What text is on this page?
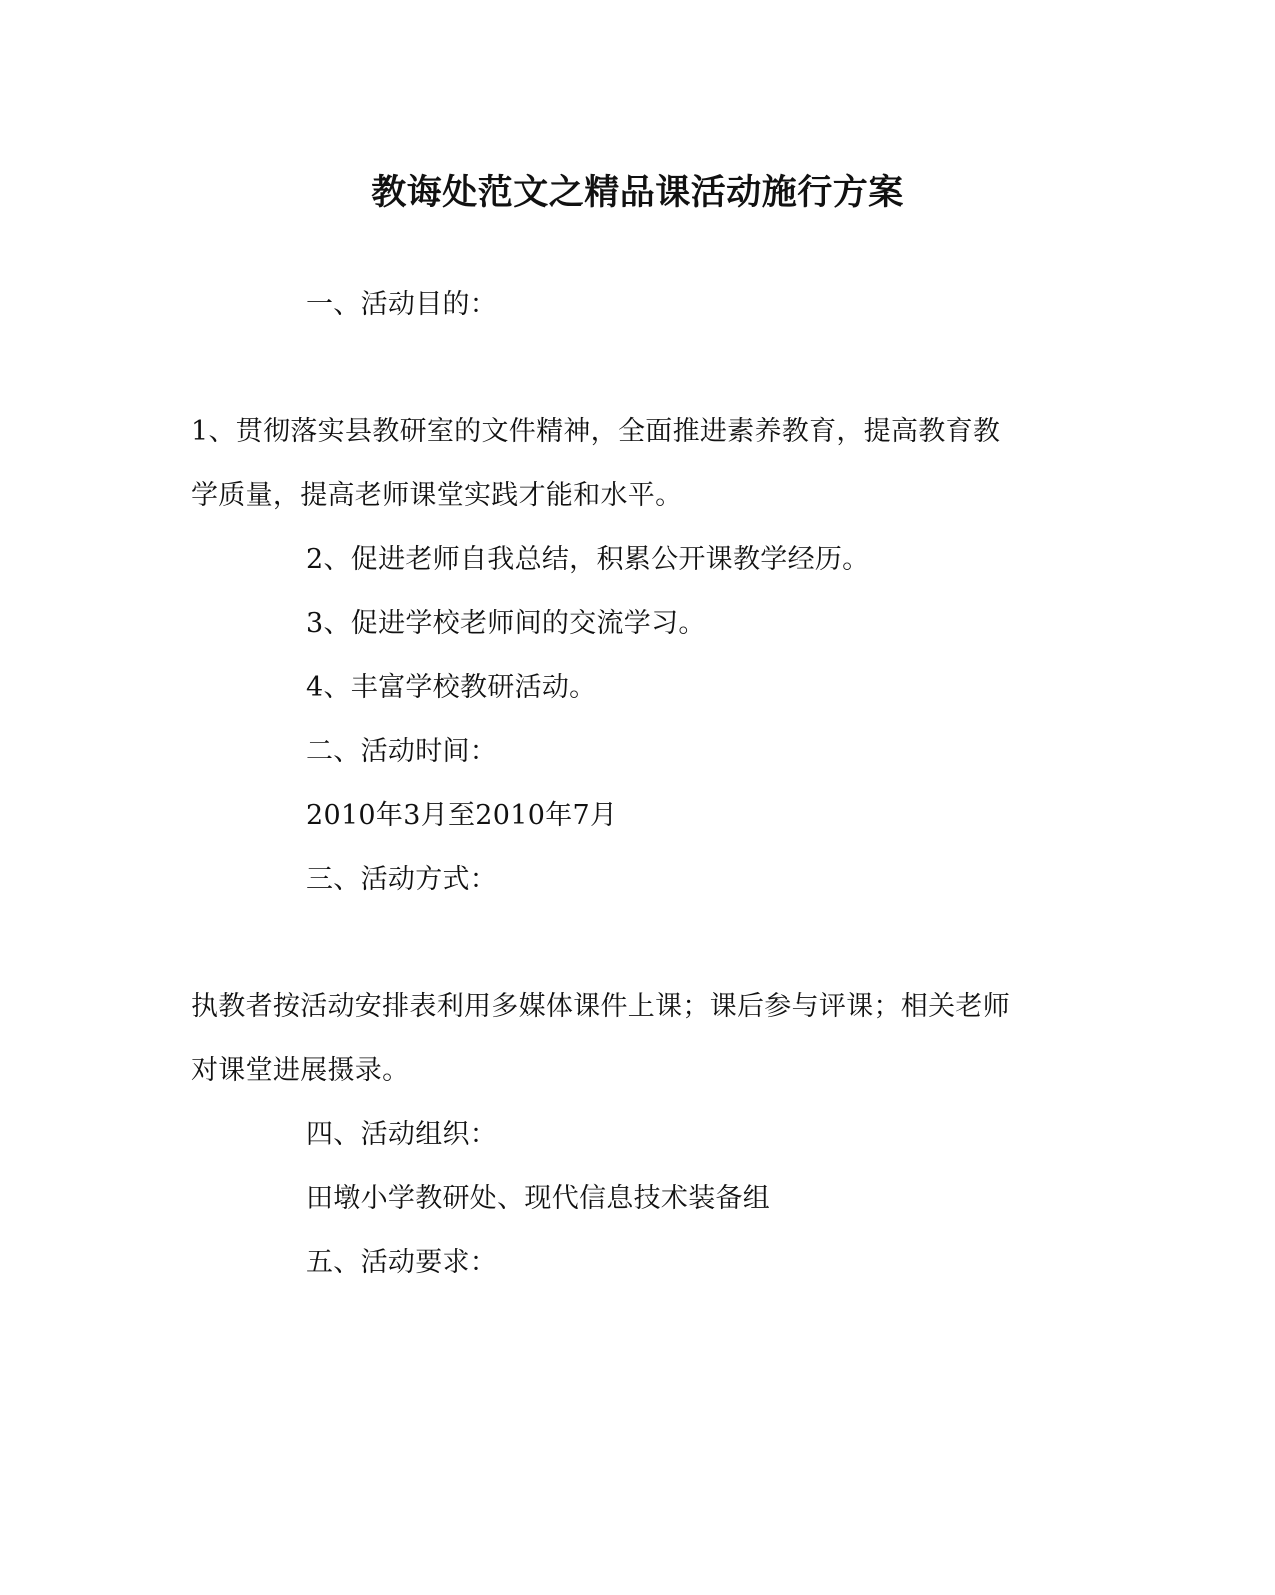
教诲处范文之精品课活动施行方案
一、活动目的：
1、贯彻落实县教研室的文件精神，全面推进素养教育，提高教育教
学质量，提高老师课堂实践才能和水平。
2、促进老师自我总结，积累公开课教学经历。
3、促进学校老师间的交流学习。
4、丰富学校教研活动。
二、活动时间：
2010年3月至2010年7月
三、活动方式：
执教者按活动安排表利用多媒体课件上课；课后参与评课；相关老师
对课堂进展摄录。
四、活动组织：
田墩小学教研处、现代信息技术装备组
五、活动要求：
